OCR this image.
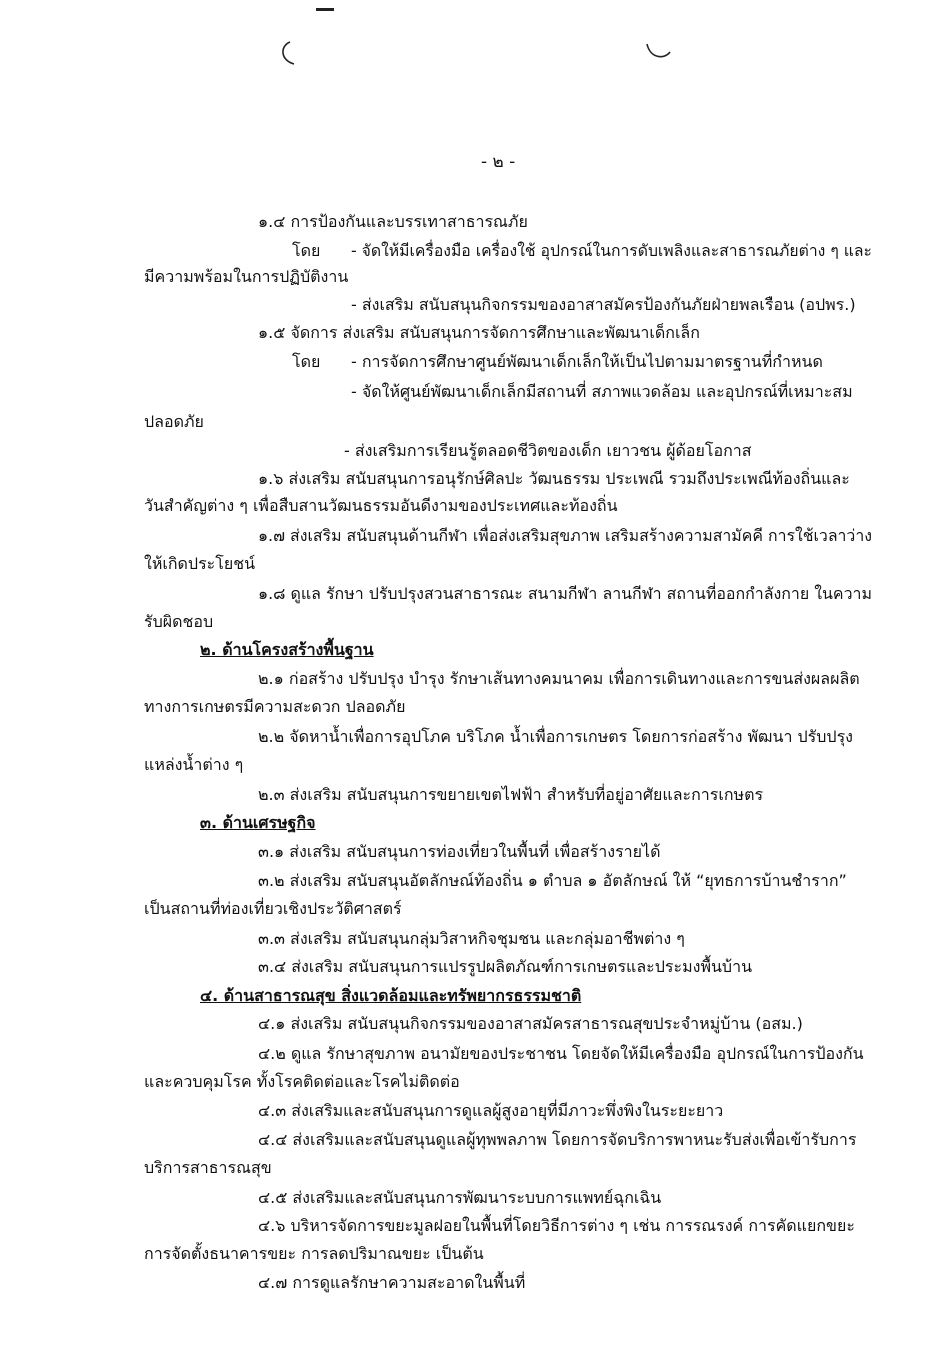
- ๒ -
๑.๔ การป้องกันและบรรเทาสาธารณภัย
โดย - จัดให้มีเครื่องมือ เครื่องใช้ อุปกรณ์ในการดับเพลิงและสาธารณภัยต่าง ๆ และ
มีความพร้อมในการปฏิบัติงาน
- ส่งเสริม สนับสนุนกิจกรรมของอาสาสมัครป้องกันภัยฝ่ายพลเรือน (อปพร.)
๑.๕ จัดการ ส่งเสริม สนับสนุนการจัดการศึกษาและพัฒนาเด็กเล็ก
โดย - การจัดการศึกษาศูนย์พัฒนาเด็กเล็กให้เป็นไปตามมาตรฐานที่กำหนด
- จัดให้ศูนย์พัฒนาเด็กเล็กมีสถานที่ สภาพแวดล้อม และอุปกรณ์ที่เหมาะสม
ปลอดภัย
- ส่งเสริมการเรียนรู้ตลอดชีวิตของเด็ก เยาวชน ผู้ด้อยโอกาส
๑.๖ ส่งเสริม สนับสนุนการอนุรักษ์ศิลปะ วัฒนธรรม ประเพณี รวมถึงประเพณีท้องถิ่นและ
วันสำคัญต่าง ๆ เพื่อสืบสานวัฒนธรรมอันดีงามของประเทศและท้องถิ่น
๑.๗ ส่งเสริม สนับสนุนด้านกีฬา เพื่อส่งเสริมสุขภาพ เสริมสร้างความสามัคคี การใช้เวลาว่าง
ให้เกิดประโยชน์
๑.๘ ดูแล รักษา ปรับปรุงสวนสาธารณะ สนามกีฬา ลานกีฬา สถานที่ออกกำลังกาย ในความ
รับผิดชอบ
๒. ด้านโครงสร้างพื้นฐาน
๒.๑ ก่อสร้าง ปรับปรุง บำรุง รักษาเส้นทางคมนาคม เพื่อการเดินทางและการขนส่งผลผลิต
ทางการเกษตรมีความสะดวก ปลอดภัย
๒.๒ จัดหาน้ำเพื่อการอุปโภค บริโภค น้ำเพื่อการเกษตร โดยการก่อสร้าง พัฒนา ปรับปรุง
แหล่งน้ำต่าง ๆ
๒.๓ ส่งเสริม สนับสนุนการขยายเขตไฟฟ้า สำหรับที่อยู่อาศัยและการเกษตร
๓. ด้านเศรษฐกิจ
๓.๑ ส่งเสริม สนับสนุนการท่องเที่ยวในพื้นที่ เพื่อสร้างรายได้
๓.๒ ส่งเสริม สนับสนุนอัตลักษณ์ท้องถิ่น ๑ ตำบล ๑ อัตลักษณ์ ให้ “ยุทธการบ้านชำราก”
เป็นสถานที่ท่องเที่ยวเชิงประวัติศาสตร์
๓.๓ ส่งเสริม สนับสนุนกลุ่มวิสาหกิจชุมชน และกลุ่มอาชีพต่าง ๆ
๓.๔ ส่งเสริม สนับสนุนการแปรรูปผลิตภัณฑ์การเกษตรและประมงพื้นบ้าน
๔. ด้านสาธารณสุข สิ่งแวดล้อมและทรัพยากรธรรมชาติ
๔.๑ ส่งเสริม สนับสนุนกิจกรรมของอาสาสมัครสาธารณสุขประจำหมู่บ้าน (อสม.)
๔.๒ ดูแล รักษาสุขภาพ อนามัยของประชาชน โดยจัดให้มีเครื่องมือ อุปกรณ์ในการป้องกัน
และควบคุมโรค ทั้งโรคติดต่อและโรคไม่ติดต่อ
๔.๓ ส่งเสริมและสนับสนุนการดูแลผู้สูงอายุที่มีภาวะพึ่งพิงในระยะยาว
๔.๔ ส่งเสริมและสนับสนุนดูแลผู้ทุพพลภาพ โดยการจัดบริการพาหนะรับส่งเพื่อเข้ารับการ
บริการสาธารณสุข
๔.๕ ส่งเสริมและสนับสนุนการพัฒนาระบบการแพทย์ฉุกเฉิน
๔.๖ บริหารจัดการขยะมูลฝอยในพื้นที่โดยวิธีการต่าง ๆ เช่น การรณรงค์ การคัดแยกขยะ
การจัดตั้งธนาคารขยะ การลดปริมาณขยะ เป็นต้น
๔.๗ การดูแลรักษาความสะอาดในพื้นที่
